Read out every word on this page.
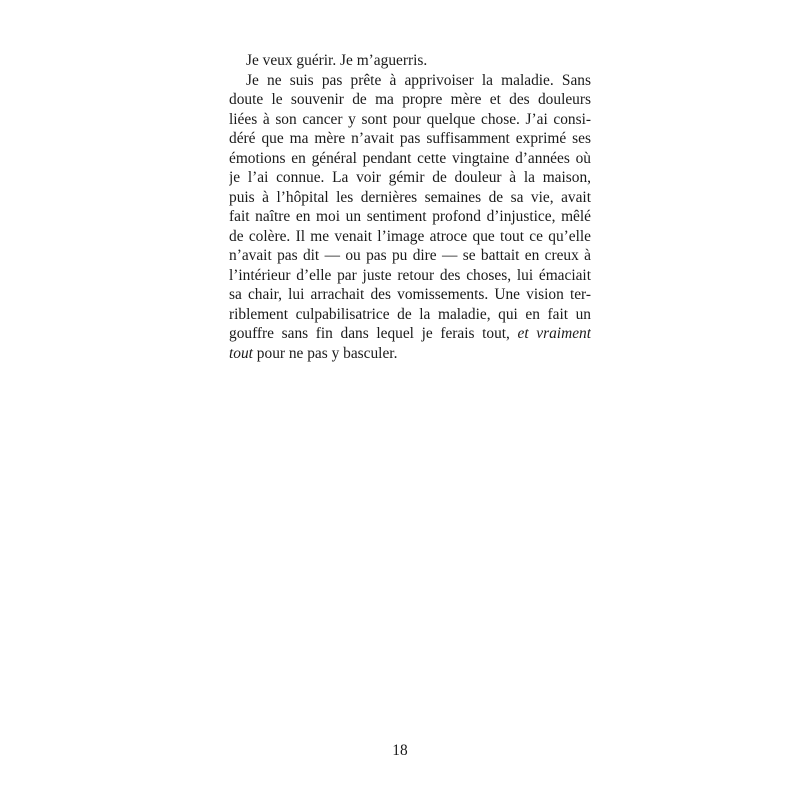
Je veux guérir. Je m’aguerris.
Je ne suis pas prête à apprivoiser la maladie. Sans
doute le souvenir de ma propre mère et des douleurs
liées à son cancer y sont pour quelque chose. J’ai consi-
déré que ma mère n’avait pas suffisamment exprimé ses
émotions en général pendant cette vingtaine d’années où
je l’ai connue. La voir gémir de douleur à la maison,
puis à l’hôpital les dernières semaines de sa vie, avait
fait naître en moi un sentiment profond d’injustice, mêlé
de colère. Il me venait l’image atroce que tout ce qu’elle
n’avait pas dit — ou pas pu dire — se battait en creux à
l’intérieur d’elle par juste retour des choses, lui émaciait
sa chair, lui arrachait des vomissements. Une vision ter-
riblement culpabilisatrice de la maladie, qui en fait un
gouffre sans fin dans lequel je ferais tout, et vraiment
tout pour ne pas y basculer.
18
